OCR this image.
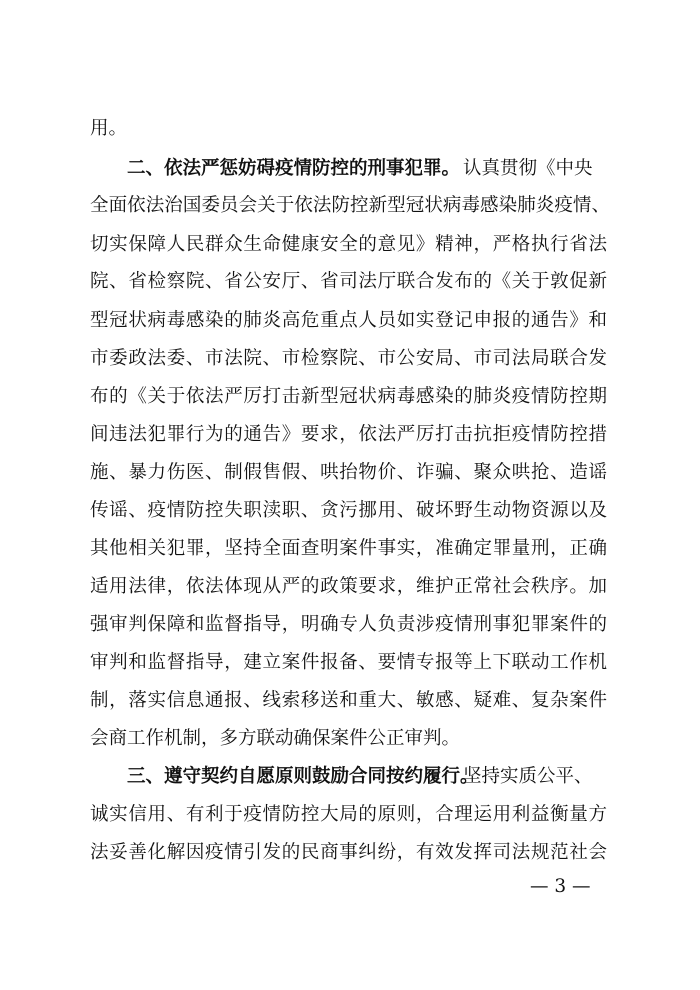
用。
二、依法严惩妨碍疫情防控的刑事犯罪。 认真贯彻《中央
全面依法治国委员会关于依法防控新型冠状病毒感染肺炎疫情、
切实保障人民群众生命健康安全的意见》精神，严格执行省法
院、省检察院、省公安厅、省司法厅联合发布的《关于敦促新
型冠状病毒感染的肺炎高危重点人员如实登记申报的通告》和
市委政法委、市法院、市检察院、市公安局、市司法局联合发
布的《关于依法严厉打击新型冠状病毒感染的肺炎疫情防控期
间违法犯罪行为的通告》要求，依法严厉打击抗拒疫情防控措
施、暴力伤医、制假售假、哄抬物价、诈骗、聚众哄抢、造谣
传谣、疫情防控失职渎职、贪污挪用、破坏野生动物资源以及
其他相关犯罪，坚持全面查明案件事实，准确定罪量刑，正确
适用法律，依法体现从严的政策要求，维护正常社会秩序。加
强审判保障和监督指导，明确专人负责涉疫情刑事犯罪案件的
审判和监督指导，建立案件报备、要情专报等上下联动工作机
制，落实信息通报、线索移送和重大、敏感、疑难、复杂案件
会商工作机制，多方联动确保案件公正审判。
三、遵守契约自愿原则鼓励合同按约履行。
坚持实质公平、
诚实信用、有利于疫情防控大局的原则，合理运用利益衡量方
法妥善化解因疫情引发的民商事纠纷，有效发挥司法规范社会
— 3 —
